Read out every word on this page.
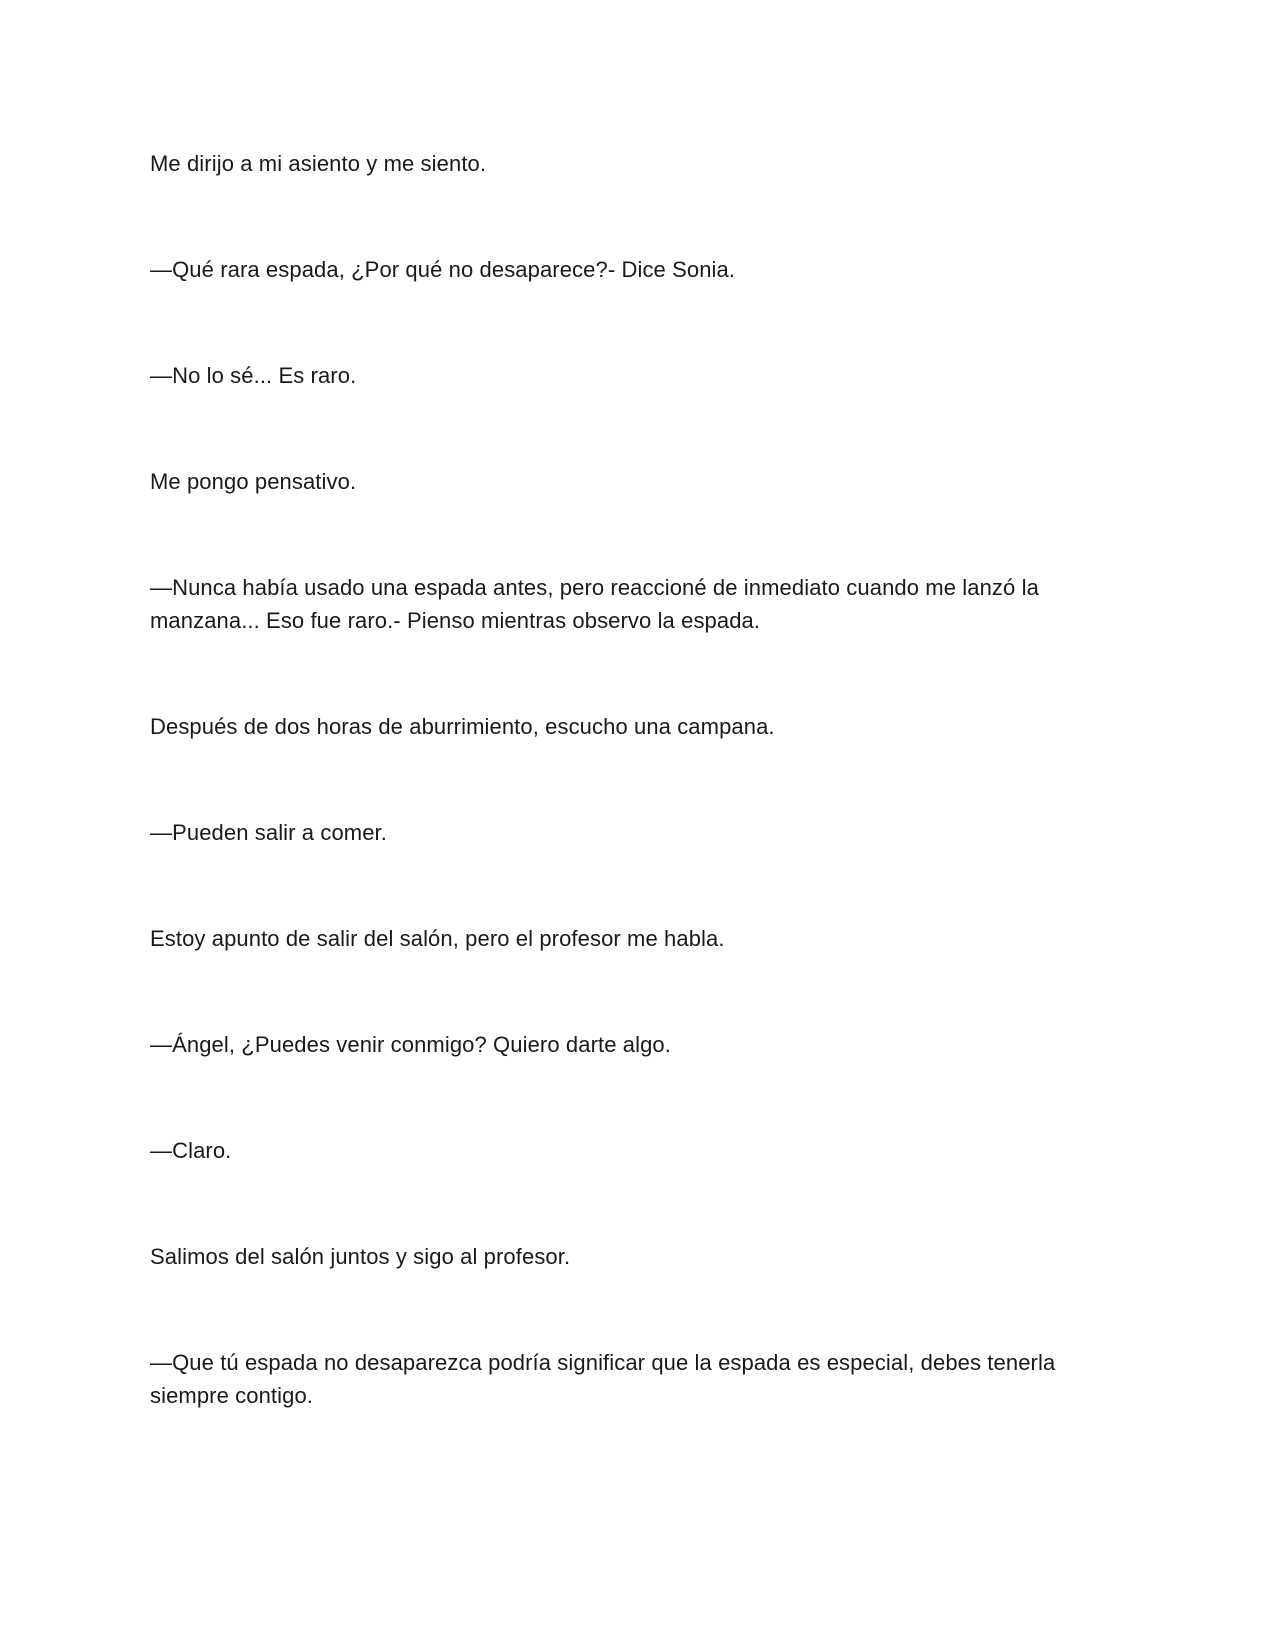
Me dirijo a mi asiento y me siento.

—Qué rara espada, ¿Por qué no desaparece?- Dice Sonia.

—No lo sé... Es raro.

Me pongo pensativo.

—Nunca había usado una espada antes, pero reaccioné de inmediato cuando me lanzó la manzana... Eso fue raro.- Pienso mientras observo la espada.

Después de dos horas de aburrimiento, escucho una campana.

—Pueden salir a comer.

Estoy apunto de salir del salón, pero el profesor me habla.

—Ángel, ¿Puedes venir conmigo? Quiero darte algo.

—Claro.

Salimos del salón juntos y sigo al profesor.

—Que tú espada no desaparezca podría significar que la espada es especial, debes tenerla siempre contigo.
